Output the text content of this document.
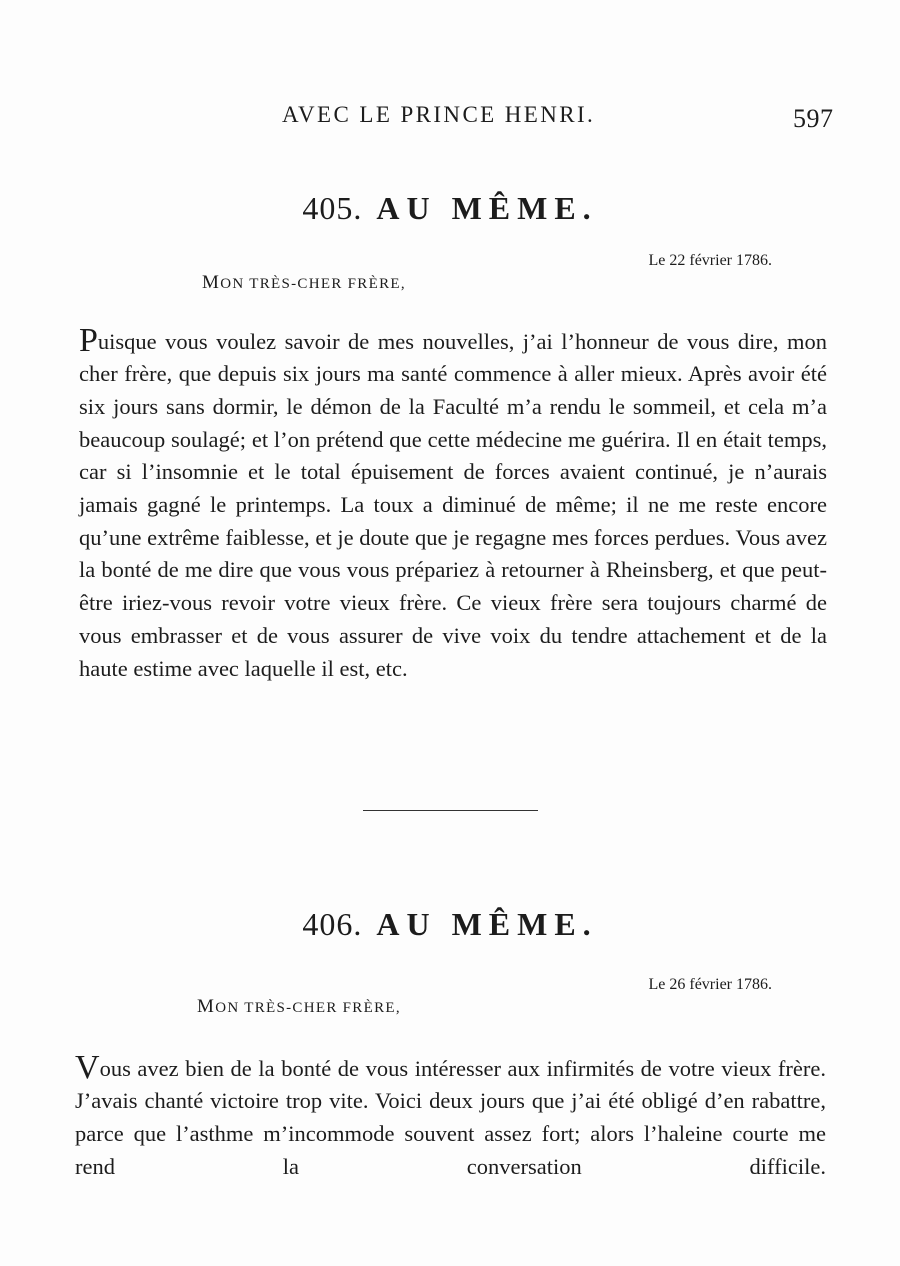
AVEC LE PRINCE HENRI.	597
405. AU MÊME.
Le 22 février 1786.
MON TRÈS-CHER FRÈRE,

Puisque vous voulez savoir de mes nouvelles, j’ai l’honneur de vous dire, mon cher frère, que depuis six jours ma santé commence à aller mieux. Après avoir été six jours sans dormir, le démon de la Faculté m’a rendu le sommeil, et cela m’a beaucoup soulagé; et l’on prétend que cette médecine me guérira. Il en était temps, car si l’insomnie et le total épuisement de forces avaient continué, je n’aurais jamais gagné le printemps. La toux a diminué de même; il ne me reste encore qu’une extrême faiblesse, et je doute que je regagne mes forces perdues. Vous avez la bonté de me dire que vous vous prépariez à retourner à Rheinsberg, et que peut-être iriez-vous revoir votre vieux frère. Ce vieux frère sera toujours charmé de vous embrasser et de vous assurer de vive voix du tendre attachement et de la haute estime avec laquelle il est, etc.

406. AU MÊME.
Le 26 février 1786.
MON TRÈS-CHER FRÈRE,

Vous avez bien de la bonté de vous intéresser aux infirmités de votre vieux frère. J’avais chanté victoire trop vite. Voici deux jours que j’ai été obligé d’en rabattre, parce que l’asthme m’incommode souvent assez fort; alors l’haleine courte me rend la conversation difficile.
